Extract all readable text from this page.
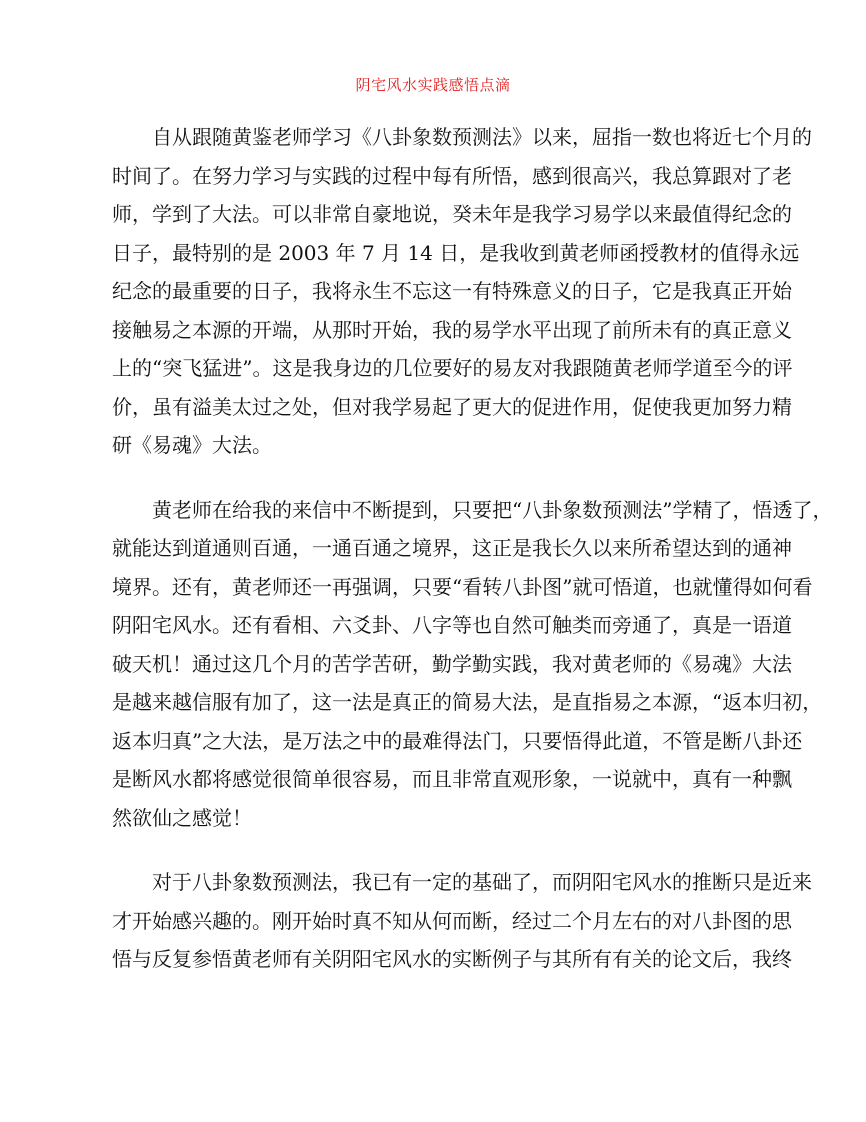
阴宅风水实践感悟点滴
　　自从跟随黄鉴老师学习《八卦象数预测法》以来，屈指一数也将近七个月的
时间了。在努力学习与实践的过程中每有所悟，感到很高兴，我总算跟对了老
师，学到了大法。可以非常自豪地说，癸未年是我学习易学以来最值得纪念的
日子，最特别的是 2003 年 7 月 14 日，是我收到黄老师函授教材的值得永远
纪念的最重要的日子，我将永生不忘这一有特殊意义的日子，它是我真正开始
接触易之本源的开端，从那时开始，我的易学水平出现了前所未有的真正意义
上的“突飞猛进”。这是我身边的几位要好的易友对我跟随黄老师学道至今的评
价，虽有溢美太过之处，但对我学易起了更大的促进作用，促使我更加努力精
研《易魂》大法。
　　黄老师在给我的来信中不断提到，只要把“八卦象数预测法”学精了，悟透了，
就能达到道通则百通，一通百通之境界，这正是我长久以来所希望达到的通神
境界。还有，黄老师还一再强调，只要“看转八卦图”就可悟道，也就懂得如何看
阴阳宅风水。还有看相、六爻卦、八字等也自然可触类而旁通了，真是一语道
破天机！通过这几个月的苦学苦研，勤学勤实践，我对黄老师的《易魂》大法
是越来越信服有加了，这一法是真正的简易大法，是直指易之本源，“返本归初，
返本归真”之大法，是万法之中的最难得法门，只要悟得此道，不管是断八卦还
是断风水都将感觉很简单很容易，而且非常直观形象，一说就中，真有一种飘
然欲仙之感觉！
　　对于八卦象数预测法，我已有一定的基础了，而阴阳宅风水的推断只是近来
才开始感兴趣的。刚开始时真不知从何而断，经过二个月左右的对八卦图的思
悟与反复参悟黄老师有关阴阳宅风水的实断例子与其所有有关的论文后，我终
